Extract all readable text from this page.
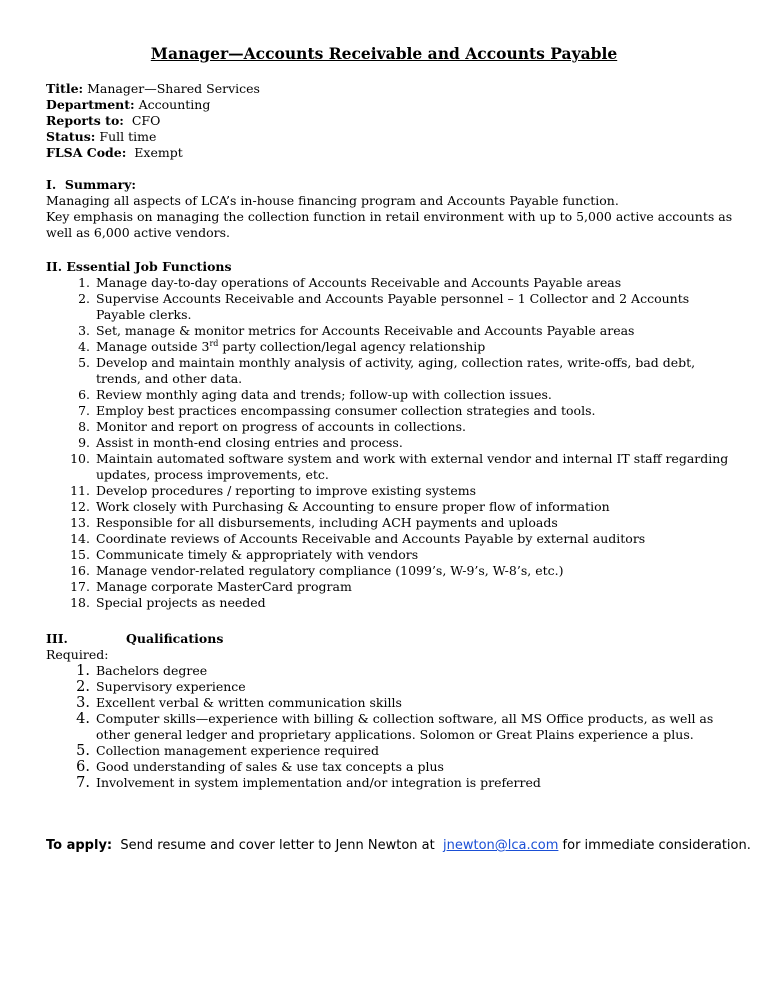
Manager—Accounts Receivable and Accounts Payable
Title: Manager—Shared Services
Department: Accounting
Reports to:  CFO
Status: Full time
FLSA Code:  Exempt
I.  Summary:
Managing all aspects of LCA’s in-house financing program and Accounts Payable function.
Key emphasis on managing the collection function in retail environment with up to 5,000 active accounts as well as 6,000 active vendors.
II. Essential Job Functions
1. Manage day-to-day operations of Accounts Receivable and Accounts Payable areas
2. Supervise Accounts Receivable and Accounts Payable personnel – 1 Collector and 2 Accounts Payable clerks.
3. Set, manage & monitor metrics for Accounts Receivable and Accounts Payable areas
4. Manage outside 3rd party collection/legal agency relationship
5. Develop and maintain monthly analysis of activity, aging, collection rates, write-offs, bad debt, trends, and other data.
6. Review monthly aging data and trends; follow-up with collection issues.
7. Employ best practices encompassing consumer collection strategies and tools.
8. Monitor and report on progress of accounts in collections.
9. Assist in month-end closing entries and process.
10. Maintain automated software system and work with external vendor and internal IT staff regarding updates, process improvements, etc.
11. Develop procedures / reporting to improve existing systems
12. Work closely with Purchasing & Accounting to ensure proper flow of information
13. Responsible for all disbursements, including ACH payments and uploads
14. Coordinate reviews of Accounts Receivable and Accounts Payable by external auditors
15. Communicate timely & appropriately with vendors
16. Manage vendor-related regulatory compliance (1099’s, W-9’s, W-8’s, etc.)
17. Manage corporate MasterCard program
18. Special projects as needed
III.	Qualifications
Required:
1. Bachelors degree
2. Supervisory experience
3. Excellent verbal & written communication skills
4. Computer skills—experience with billing & collection software, all MS Office products, as well as other general ledger and proprietary applications. Solomon or Great Plains experience a plus.
5. Collection management experience required
6. Good understanding of sales & use tax concepts a plus
7. Involvement in system implementation and/or integration is preferred
To apply:  Send resume and cover letter to Jenn Newton at  jnewton@lca.com for immediate consideration.
